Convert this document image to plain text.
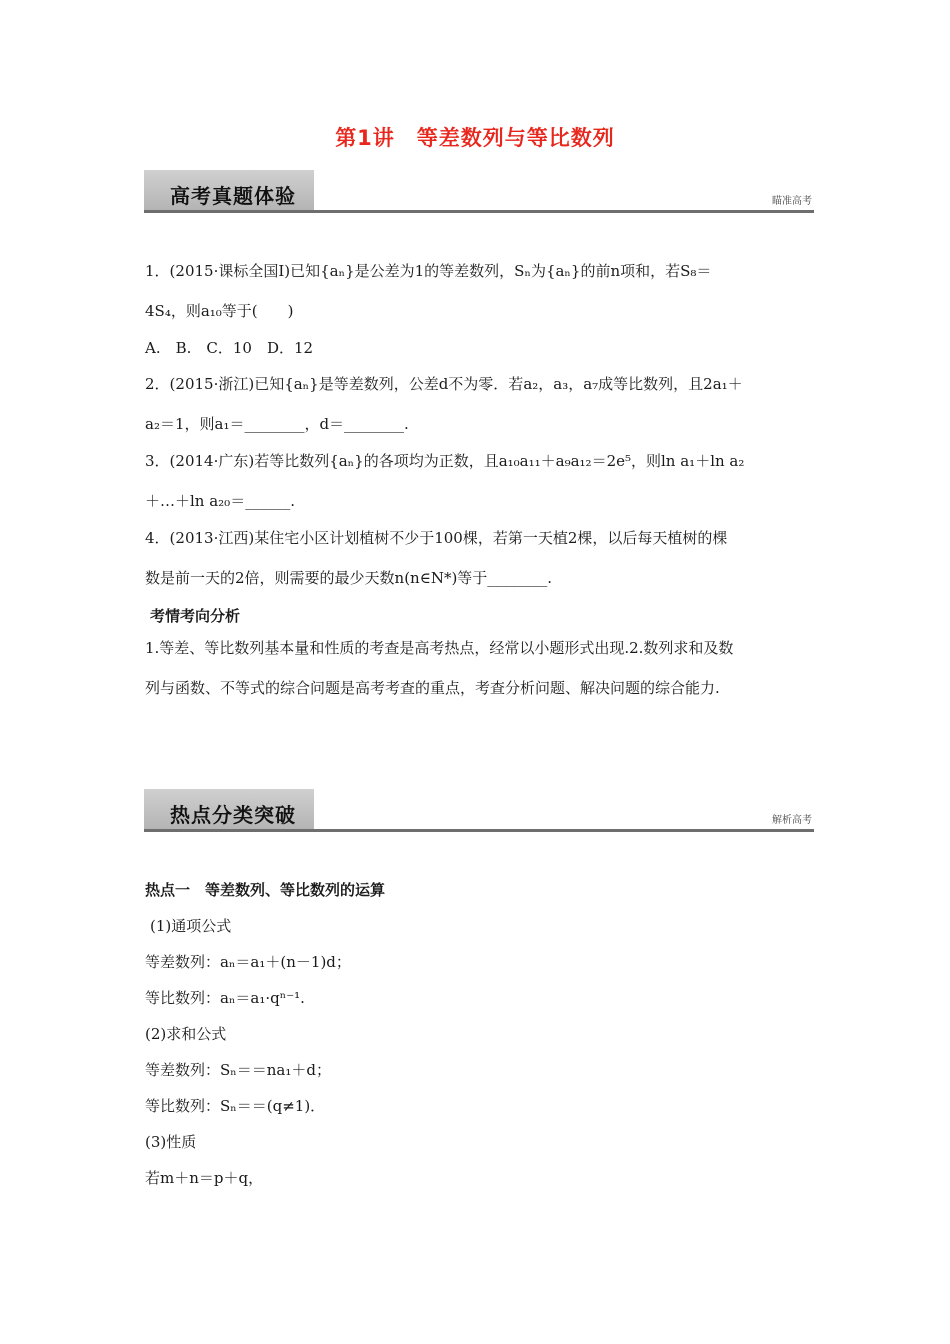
第1讲　等差数列与等比数列
高考真题体验	瞄准高考
1．(2015·课标全国Ⅰ)已知{aₙ}是公差为1的等差数列，Sₙ为{aₙ}的前n项和，若S₈＝
4S₄，则a₁₀等于(　　)
A.　B.　C．10　D．12
2．(2015·浙江)已知{aₙ}是等差数列，公差d不为零．若a₂，a₃，a₇成等比数列，且2a₁＋
a₂＝1，则a₁＝________，d＝________.
3．(2014·广东)若等比数列{aₙ}的各项均为正数，且a₁₀a₁₁＋a₉a₁₂＝2e⁵，则ln a₁＋ln a₂
＋…＋ln a₂₀＝______.
4．(2013·江西)某住宅小区计划植树不少于100棵，若第一天植2棵，以后每天植树的棵
数是前一天的2倍，则需要的最少天数n(n∈N*)等于________.
考情考向分析
1.等差、等比数列基本量和性质的考查是高考热点，经常以小题形式出现.2.数列求和及数
列与函数、不等式的综合问题是高考考查的重点，考查分析问题、解决问题的综合能力.
热点分类突破	解析高考
热点一　等差数列、等比数列的运算
(1)通项公式
等差数列：aₙ＝a₁＋(n－1)d；
等比数列：aₙ＝a₁·qⁿ⁻¹.
(2)求和公式
等差数列：Sₙ＝＝na₁＋d；
等比数列：Sₙ＝＝(q≠1)．
(3)性质
若m＋n＝p＋q，
